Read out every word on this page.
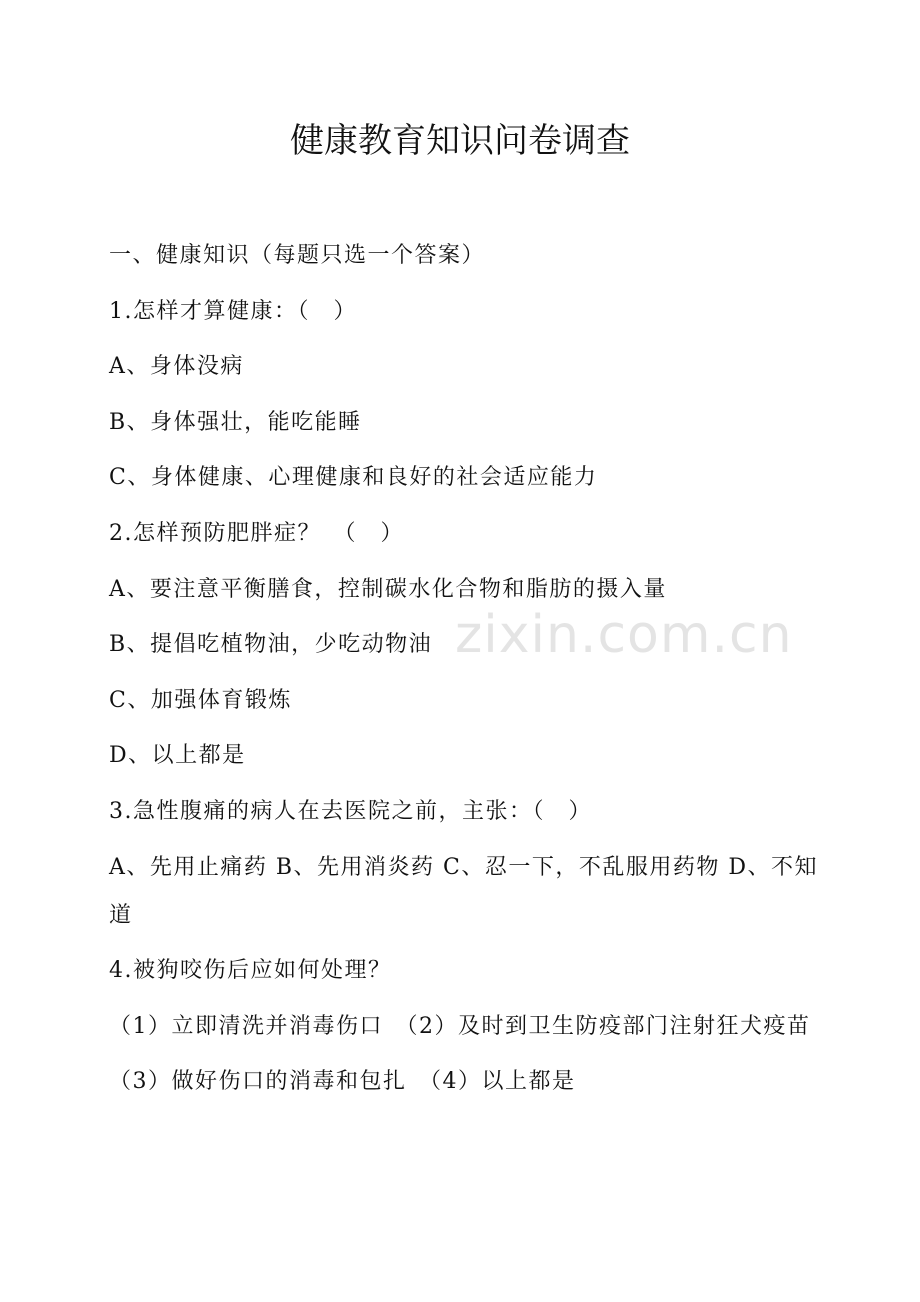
健康教育知识问卷调查
一、健康知识（每题只选一个答案）
1.怎样才算健康：（　）
A、身体没病
B、身体强壮，能吃能睡
C、身体健康、心理健康和良好的社会适应能力
2.怎样预防肥胖症？　（　）
A、要注意平衡膳食，控制碳水化合物和脂肪的摄入量
B、提倡吃植物油，少吃动物油
C、加强体育锻炼
D、以上都是
3.急性腹痛的病人在去医院之前，主张：（　）
A、先用止痛药 B、先用消炎药 C、忍一下，不乱服用药物 D、不知道
4.被狗咬伤后应如何处理？
（1）立即清洗并消毒伤口　（2）及时到卫生防疫部门注射狂犬疫苗
（3）做好伤口的消毒和包扎　（4）以上都是
zixin.com.cn
